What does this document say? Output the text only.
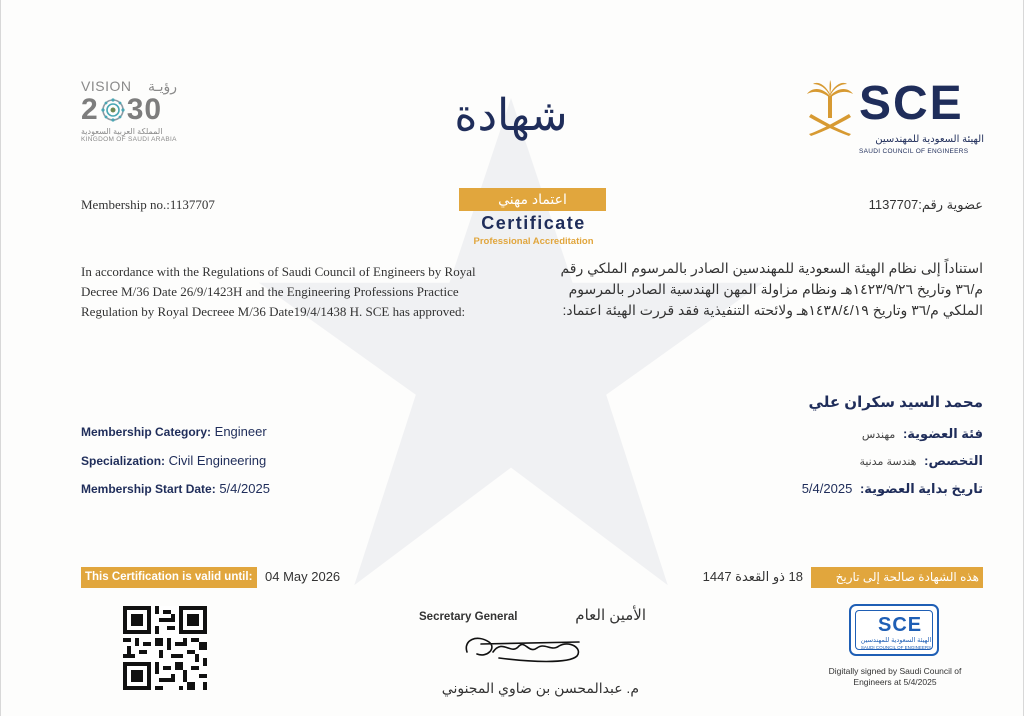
VISION رؤيـة
2 30
المملكة العربية السعودية
KINGDOM OF SAUDI ARABIA
SCE
الهيئة السعودية للمهندسين
SAUDI COUNCIL OF ENGINEERS
شهادة
اعتماد مهني
Certificate
Professional Accreditation
Membership no.:1137707	عضوية رقم:1137707
In accordance with the Regulations of Saudi Council of Engineers by Royal Decree M/36 Date 26/9/1423H and the Engineering Professions Practice Regulation by Royal Decreee M/36 Date19/4/1438 H. SCE has approved:
استناداً إلى نظام الهيئة السعودية للمهندسين الصادر بالمرسوم الملكي رقم م/٣٦ وتاريخ ١٤٢٣/٩/٢٦هـ ونظام مزاولة المهن الهندسية الصادر بالمرسوم الملكي م/٣٦ وتاريخ ١٤٣٨/٤/١٩هـ ولائحته التنفيذية فقد قررت الهيئة اعتماد:
محمد السيد سكران علي
Membership Category: Engineer
Specialization: Civil Engineering
Membership Start Date: 5/4/2025
فئة العضوية: مهندس
التخصص: هندسة مدنية
تاريخ بداية العضوية: 5/4/2025
This Certification is valid until: 04 May 2026	هذه الشهادة صالحة إلى تاريخ
18 ذو القعدة 1447
Secretary General	الأمين العام
م. عبدالمحسن بن ضاوي المجنوني
SCE
الهيئة السعودية للمهندسين
SAUDI COUNCIL OF ENGINEERS
Digitally signed by Saudi Council of Engineers at 5/4/2025
